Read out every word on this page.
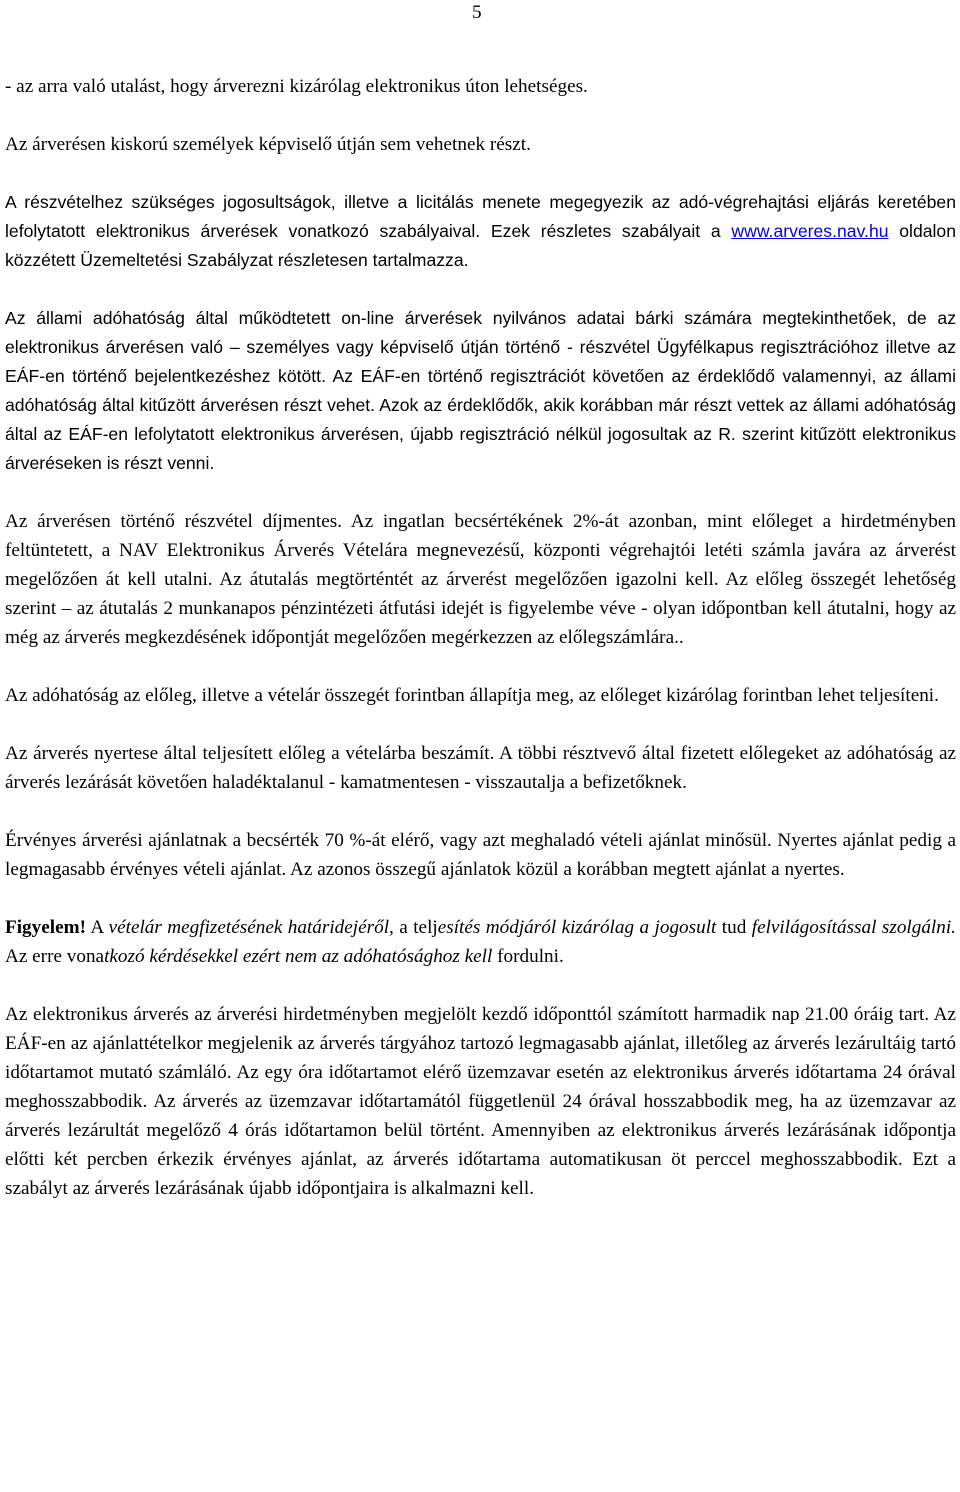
5

- az arra való utalást, hogy árverezni kizárólag elektronikus úton lehetséges.

Az árverésen kiskorú személyek képviselő útján sem vehetnek részt.

A részvételhez szükséges jogosultságok, illetve a licitálás menete megegyezik az adó-végrehajtási eljárás keretében lefolytatott elektronikus árverések vonatkozó szabályaival. Ezek részletes szabályait a www.arveres.nav.hu oldalon közzétett Üzemeltetési Szabályzat részletesen tartalmazza.

Az állami adóhatóság által működtetett on-line árverések nyilvános adatai bárki számára megtekinthetőek, de az elektronikus árverésen való – személyes vagy képviselő útján történő - részvétel Ügyfélkapus regisztrációhoz illetve az EÁF-en történő bejelentkezéshez kötött. Az EÁF-en történő regisztrációt követően az érdeklődő valamennyi, az állami adóhatóság által kitűzött árverésen részt vehet. Azok az érdeklődők, akik korábban már részt vettek az állami adóhatóság által az EÁF-en lefolytatott elektronikus árverésen, újabb regisztráció nélkül jogosultak az R. szerint kitűzött elektronikus árveréseken is részt venni.

Az árverésen történő részvétel díjmentes. Az ingatlan becsértékének 2%-át azonban, mint előleget a hirdetményben feltüntetett, a NAV Elektronikus Árverés Vételára megnevezésű, központi végrehajtói letéti számla javára az árverést megelőzően át kell utalni. Az átutalás megtörténtét az árverést megelőzően igazolni kell. Az előleg összegét lehetőség szerint – az átutalás 2 munkanapos pénzintézeti átfutási idejét is figyelembe véve - olyan időpontban kell átutalni, hogy az még az árverés megkezdésének időpontját megelőzően megérkezzen az előlegszámlára..

Az adóhatóság az előleg, illetve a vételár összegét forintban állapítja meg, az előleget kizárólag forintban lehet teljesíteni.

Az árverés nyertese által teljesített előleg a vételárba beszámít. A többi résztvevő által fizetett előlegeket az adóhatóság az árverés lezárását követően haladéktalanul - kamatmentesen - visszautalja a befizetőknek.

Érvényes árverési ajánlatnak a becsérték 70 %-át elérő, vagy azt meghaladó vételi ajánlat minősül. Nyertes ajánlat pedig a legmagasabb érvényes vételi ajánlat. Az azonos összegű ajánlatok közül a korábban megtett ajánlat a nyertes.

Figyelem! A vételár megfizetésének határidejéről, a teljesítés módjáról kizárólag a jogosult tud felvilágosítással szolgálni. Az erre vonatkozó kérdésekkel ezért nem az adóhatósághoz kell fordulni.

Az elektronikus árverés az árverési hirdetményben megjelölt kezdő időponttól számított harmadik nap 21.00 óráig tart. Az EÁF-en az ajánlattételkor megjelenik az árverés tárgyához tartozó legmagasabb ajánlat, illetőleg az árverés lezárultáig tartó időtartamot mutató számláló. Az egy óra időtartamot elérő üzemzavar esetén az elektronikus árverés időtartama 24 órával meghosszabbodik. Az árverés az üzemzavar időtartamától függetlenül 24 órával hosszabbodik meg, ha az üzemzavar az árverés lezárultát megelőző 4 órás időtartamon belül történt. Amennyiben az elektronikus árverés lezárásának időpontja előtti két percben érkezik érvényes ajánlat, az árverés időtartama automatikusan öt perccel meghosszabbodik. Ezt a szabályt az árverés lezárásának újabb időpontjaira is alkalmazni kell.
